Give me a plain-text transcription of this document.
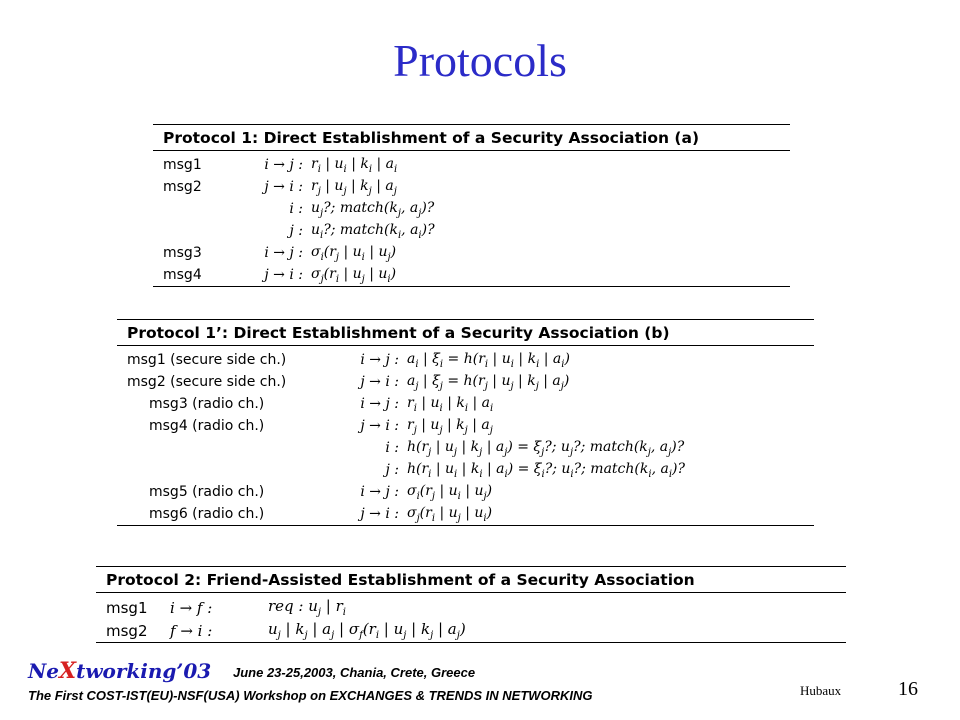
Protocols
Protocol 1: Direct Establishment of a Security Association (a)
msg1	i → j :	$r_i$ | $u_i$ | $k_i$ | $a_i$
msg2	j → i :	$r_j$ | $u_j$ | $k_j$ | $a_j$
	i :	$u_j$?; $match(k_j$, $a_j$)?
	j :	$u_i$?; $match(k_i$, $a_i$)?
msg3	i → j :	$\sigma_i(r_j$ | $u_i$ | $u_j$)
msg4	j → i :	$\sigma_j(r_i$ | $u_j$ | $u_i$)
Protocol 1’: Direct Establishment of a Security Association (b)
msg1 (secure side ch.)	i → j :	$a_i$ | $\xi_i = h(r_i$ | $u_i$ | $k_i$ | $a_i$)
msg2 (secure side ch.)	j → i :	$a_j$ | $\xi_j = h(r_j$ | $u_j$ | $k_j$ | $a_j$)
msg3 (radio ch.)	i → j :	$r_i$ | $u_i$ | $k_i$ | $a_i$
msg4 (radio ch.)	j → i :	$r_j$ | $u_j$ | $k_j$ | $a_j$
	i :	$h(r_j$ | $u_j$ | $k_j$ | $a_j) = \xi_j$?; $u_j$?; $match(k_j$, $a_j$)?
	j :	$h(r_i$ | $u_i$ | $k_i$ | $a_i) = \xi_i$?; $u_i$?; $match(k_i$, $a_i$)?
msg5 (radio ch.)	i → j :	$\sigma_i(r_j$ | $u_i$ | $u_j$)
msg6 (radio ch.)	j → i :	$\sigma_j(r_i$ | $u_j$ | $u_i$)
Protocol 2: Friend-Assisted Establishment of a Security Association
msg1	i → f :	req : $u_j$ | $r_i$
msg2	f → i :	$u_j$ | $k_j$ | $a_j$ | $\sigma_f(r_i$ | $u_j$ | $k_j$ | $a_j$)
NeXtworking’03 June 23-25,2003, Chania, Crete, Greece
The First COST-IST(EU)-NSF(USA) Workshop on EXCHANGES & TRENDS IN NETWORKING	Hubaux	16
